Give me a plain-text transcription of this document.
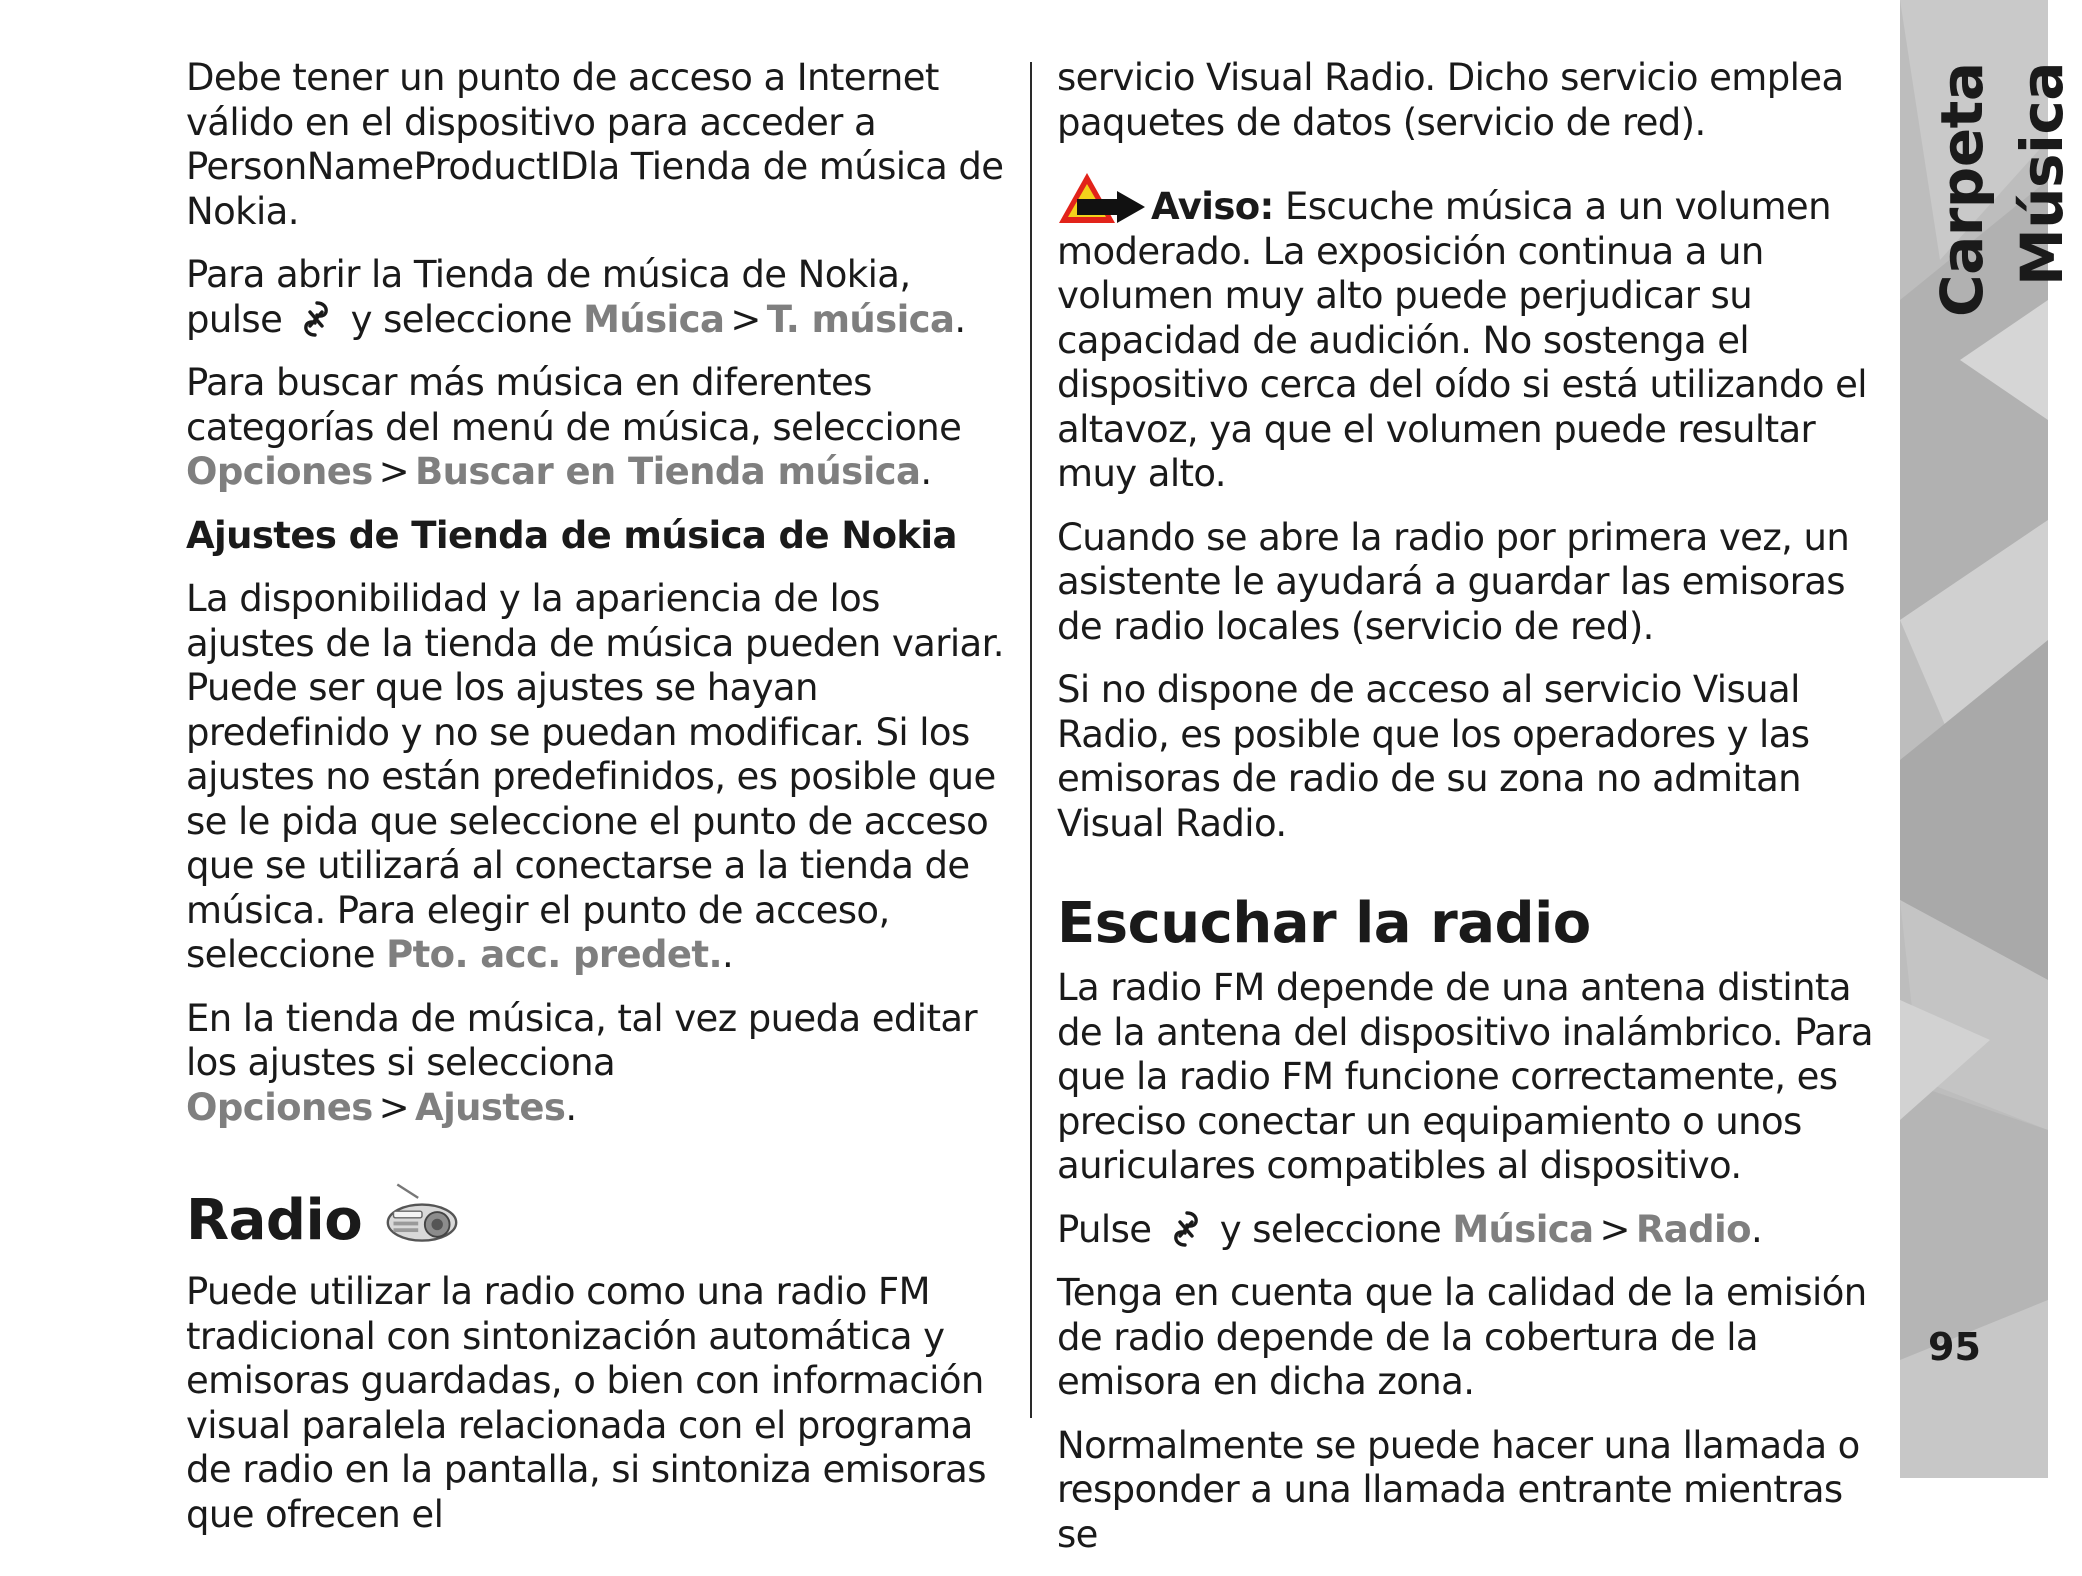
Debe tener un punto de acceso a Internet válido en el dispositivo para acceder a PersonNameProductIDla Tienda de música de Nokia.

Para abrir la Tienda de música de Nokia, pulse y seleccione Música > T. música.

Para buscar más música en diferentes categorías del menú de música, seleccione Opciones > Buscar en Tienda música.

Ajustes de Tienda de música de Nokia

La disponibilidad y la apariencia de los ajustes de la tienda de música pueden variar. Puede ser que los ajustes se hayan predefinido y no se puedan modificar. Si los ajustes no están predefinidos, es posible que se le pida que seleccione el punto de acceso que se utilizará al conectarse a la tienda de música. Para elegir el punto de acceso, seleccione Pto. acc. predet..

En la tienda de música, tal vez pueda editar los ajustes si selecciona Opciones > Ajustes.

Radio

Puede utilizar la radio como una radio FM tradicional con sintonización automática y emisoras guardadas, o bien con información visual paralela relacionada con el programa de radio en la pantalla, si sintoniza emisoras que ofrecen el

servicio Visual Radio. Dicho servicio emplea paquetes de datos (servicio de red).

Aviso: Escuche música a un volumen moderado. La exposición continua a un volumen muy alto puede perjudicar su capacidad de audición. No sostenga el dispositivo cerca del oído si está utilizando el altavoz, ya que el volumen puede resultar muy alto.

Cuando se abre la radio por primera vez, un asistente le ayudará a guardar las emisoras de radio locales (servicio de red).

Si no dispone de acceso al servicio Visual Radio, es posible que los operadores y las emisoras de radio de su zona no admitan Visual Radio.

Escuchar la radio

La radio FM depende de una antena distinta de la antena del dispositivo inalámbrico. Para que la radio FM funcione correctamente, es preciso conectar un equipamiento o unos auriculares compatibles al dispositivo.

Pulse y seleccione Música > Radio.

Tenga en cuenta que la calidad de la emisión de radio depende de la cobertura de la emisora en dicha zona.

Normalmente se puede hacer una llamada o responder a una llamada entrante mientras se

Carpeta Música
95
